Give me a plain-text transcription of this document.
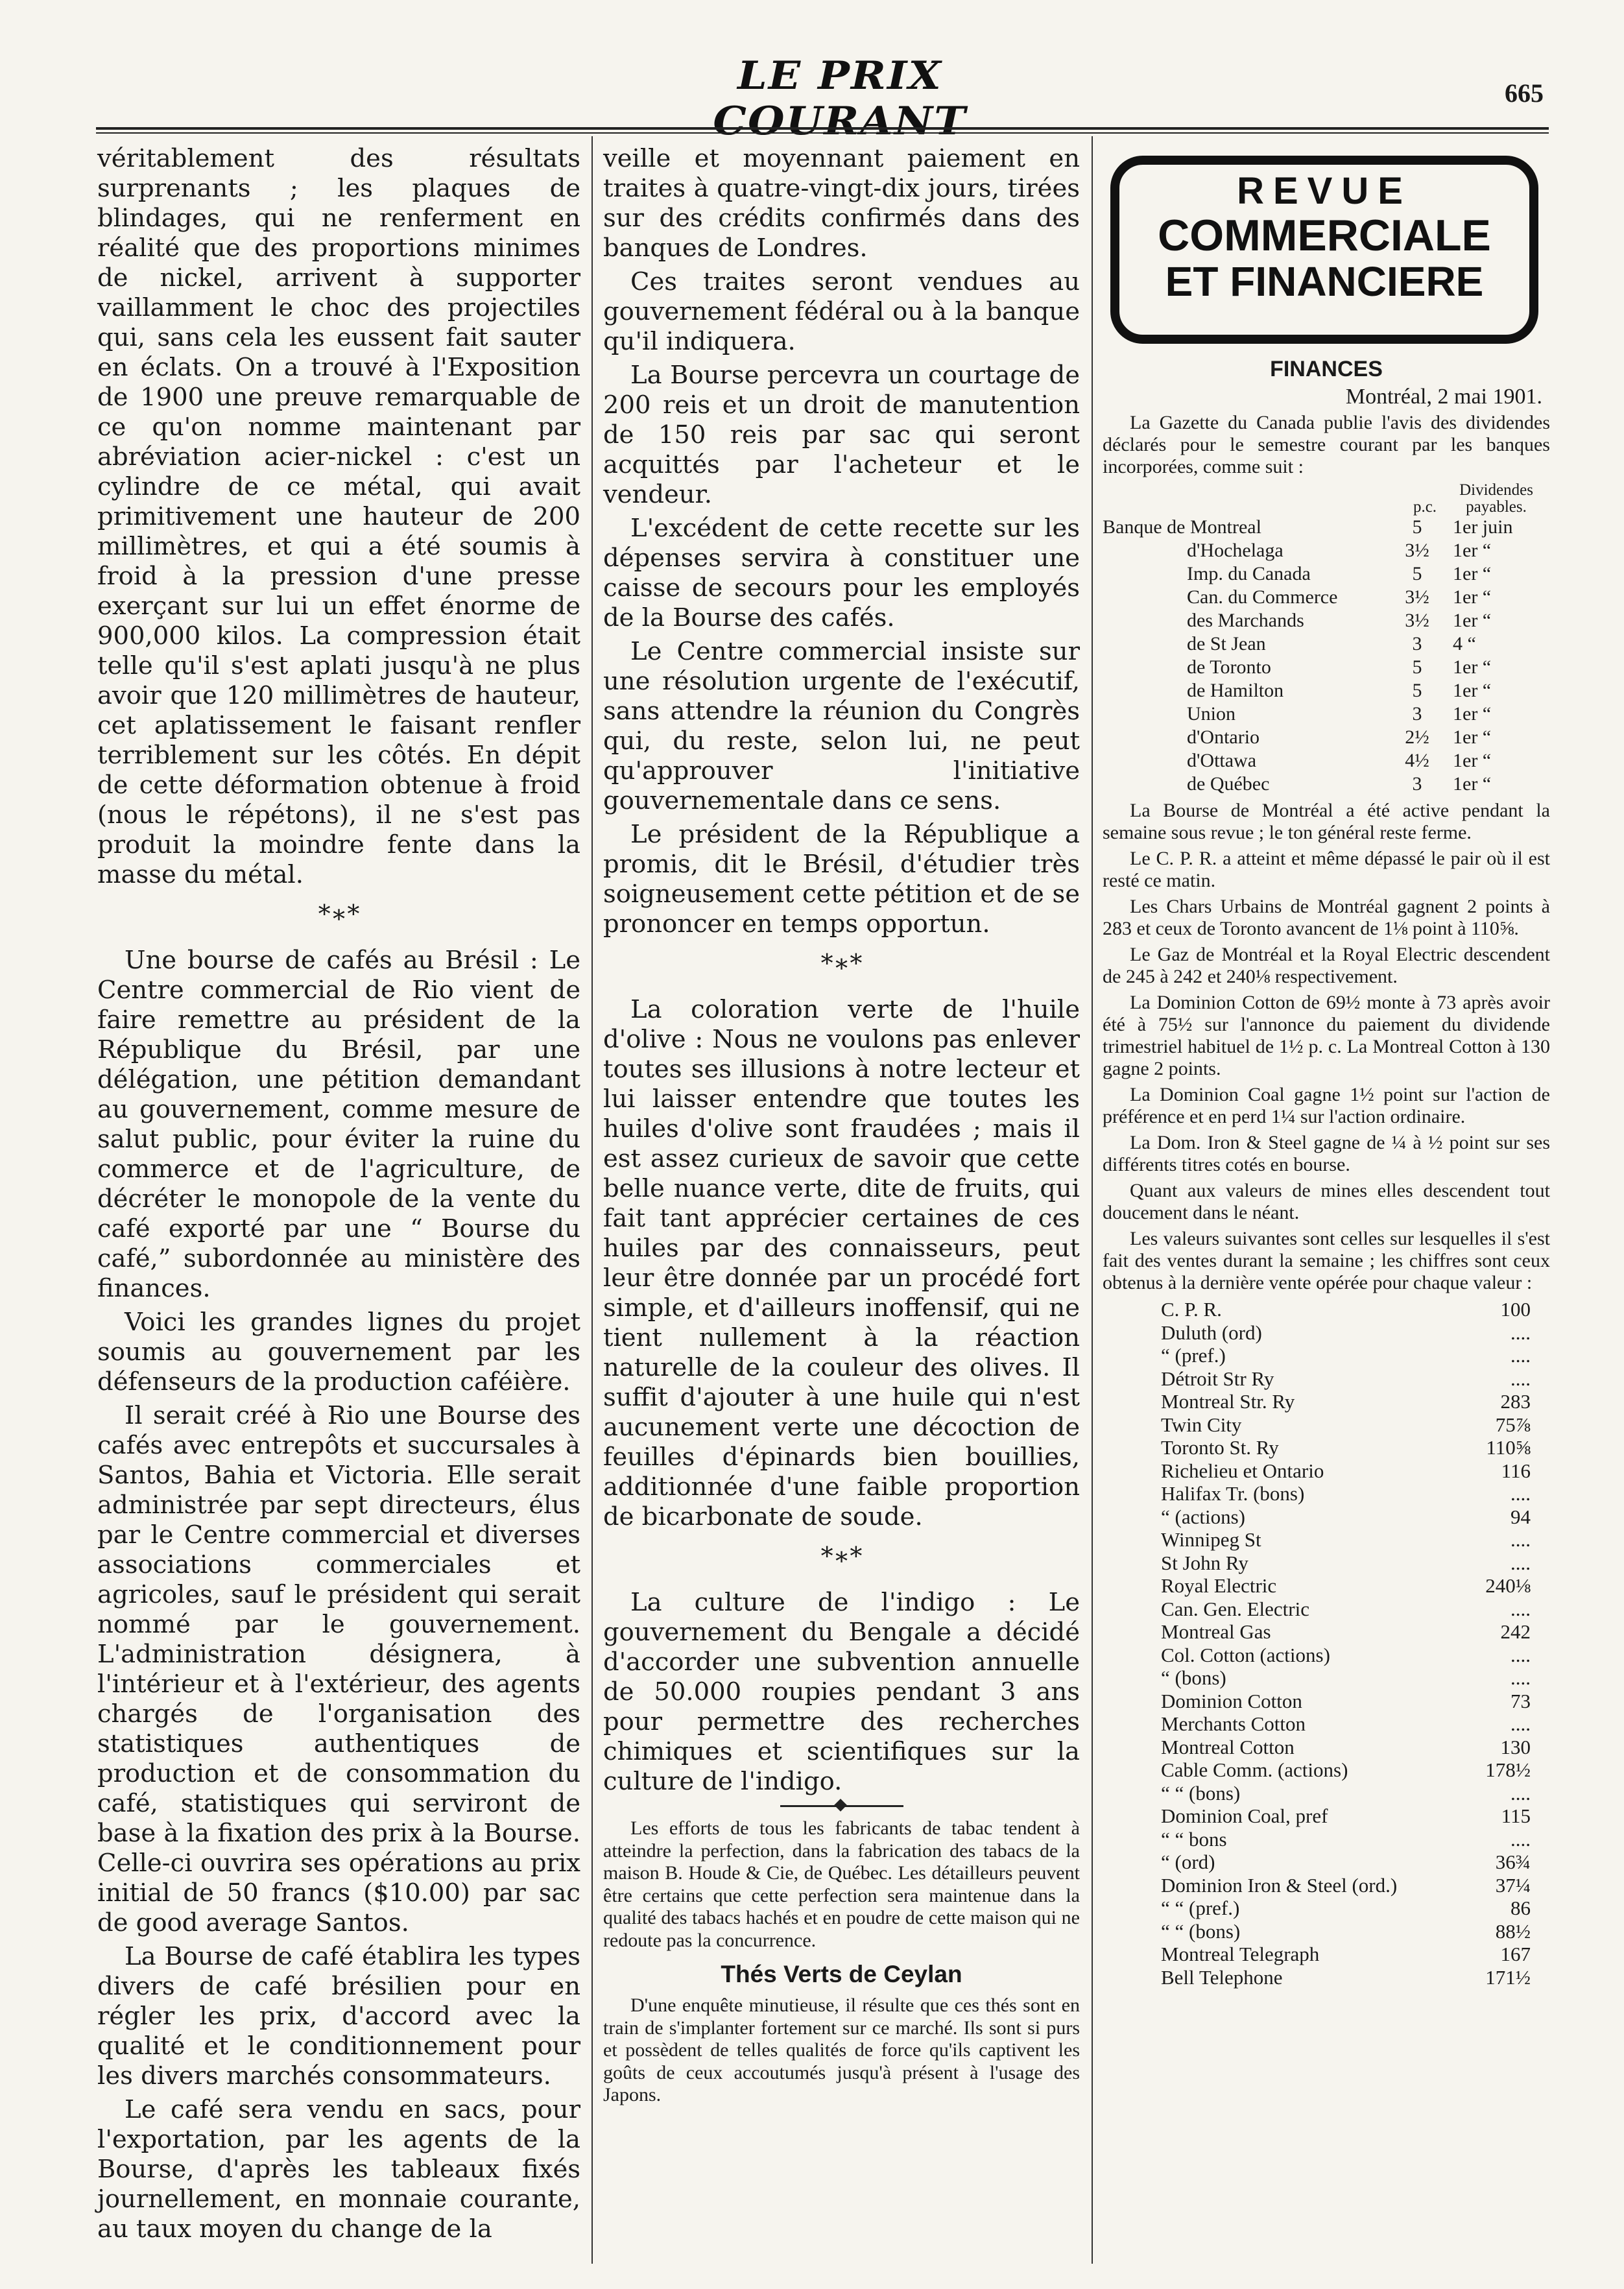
LE PRIX COURANT
665

véritablement des résultats surprenants ; les plaques de blindages, qui ne renferment en réalité que des proportions minimes de nickel, arrivent à supporter vaillamment le choc des projectiles qui, sans cela les eussent fait sauter en éclats. On a trouvé à l'Exposition de 1900 une preuve remarquable de ce qu'on nomme maintenant par abréviation acier-nickel : c'est un cylindre de ce métal, qui avait primitivement une hauteur de 200 millimètres, et qui a été soumis à froid à la pression d'une presse exerçant sur lui un effet énorme de 900,000 kilos. La compression était telle qu'il s'est aplati jusqu'à ne plus avoir que 120 millimètres de hauteur, cet aplatissement le faisant renfler terriblement sur les côtés. En dépit de cette déformation obtenue à froid (nous le répétons), il ne s'est pas produit la moindre fente dans la masse du métal.

*∗*

Une bourse de cafés au Brésil : Le Centre commercial de Rio vient de faire remettre au président de la République du Brésil, par une délégation, une pétition demandant au gouvernement, comme mesure de salut public, pour éviter la ruine du commerce et de l'agriculture, de décréter le monopole de la vente du café exporté par une “ Bourse du café,” subordonnée au ministère des finances.

Voici les grandes lignes du projet soumis au gouvernement par les défenseurs de la production caféière.

Il serait créé à Rio une Bourse des cafés avec entrepôts et succursales à Santos, Bahia et Victoria. Elle serait administrée par sept directeurs, élus par le Centre commercial et diverses associations commerciales et agricoles, sauf le président qui serait nommé par le gouvernement. L'administration désignera, à l'intérieur et à l'extérieur, des agents chargés de l'organisation des statistiques authentiques de production et de consommation du café, statistiques qui serviront de base à la fixation des prix à la Bourse. Celle-ci ouvrira ses opérations au prix initial de 50 francs ($10.00) par sac de good average Santos.

La Bourse de café établira les types divers de café brésilien pour en régler les prix, d'accord avec la qualité et le conditionnement pour les divers marchés consommateurs.

Le café sera vendu en sacs, pour l'exportation, par les agents de la Bourse, d'après les tableaux fixés journellement, en monnaie courante, au taux moyen du change de la

veille et moyennant paiement en traites à quatre-vingt-dix jours, tirées sur des crédits confirmés dans des banques de Londres.

Ces traites seront vendues au gouvernement fédéral ou à la banque qu'il indiquera.

La Bourse percevra un courtage de 200 reis et un droit de manutention de 150 reis par sac qui seront acquittés par l'acheteur et le vendeur.

L'excédent de cette recette sur les dépenses servira à constituer une caisse de secours pour les employés de la Bourse des cafés.

Le Centre commercial insiste sur une résolution urgente de l'exécutif, sans attendre la réunion du Congrès qui, du reste, selon lui, ne peut qu'approuver l'initiative gouvernementale dans ce sens.

Le président de la République a promis, dit le Brésil, d'étudier très soigneusement cette pétition et de se prononcer en temps opportun.

*∗*

La coloration verte de l'huile d'olive : Nous ne voulons pas enlever toutes ses illusions à notre lecteur et lui laisser entendre que toutes les huiles d'olive sont fraudées ; mais il est assez curieux de savoir que cette belle nuance verte, dite de fruits, qui fait tant apprécier certaines de ces huiles par des connaisseurs, peut leur être donnée par un procédé fort simple, et d'ailleurs inoffensif, qui ne tient nullement à la réaction naturelle de la couleur des olives. Il suffit d'ajouter à une huile qui n'est aucunement verte une décoction de feuilles d'épinards bien bouillies, additionnée d'une faible proportion de bicarbonate de soude.

*∗*

La culture de l'indigo : Le gouvernement du Bengale a décidé d'accorder une subvention annuelle de 50.000 roupies pendant 3 ans pour permettre des recherches chimiques et scientifiques sur la culture de l'indigo.

Les efforts de tous les fabricants de tabac tendent à atteindre la perfection, dans la fabrication des tabacs de la maison B. Houde & Cie, de Québec. Les détailleurs peuvent être certains que cette perfection sera maintenue dans la qualité des tabacs hachés et en poudre de cette maison qui ne redoute pas la concurrence.

Thés Verts de Ceylan

D'une enquête minutieuse, il résulte que ces thés sont en train de s'implanter fortement sur ce marché. Ils sont si purs et possèdent de telles qualités de force qu'ils captivent les goûts de ceux accoutumés jusqu'à présent à l'usage des Japons.

REVUE
COMMERCIALE
ET FINANCIERE
FINANCES
Montréal, 2 mai 1901.

La Gazette du Canada publie l'avis des dividendes déclarés pour le semestre courant par les banques incorporées, comme suit :

p.c.
Dividendes payables.
Banque de Montreal	5	1er juin
d'Hochelaga	3½	1er “
Imp. du Canada	5	1er “
Can. du Commerce	3½	1er “
des Marchands	3½	1er “
de St Jean	3	4 “
de Toronto	5	1er “
de Hamilton	5	1er “
Union	3	1er “
d'Ontario	2½	1er “
d'Ottawa	4½	1er “
de Québec	3	1er “

La Bourse de Montréal a été active pendant la semaine sous revue ; le ton général reste ferme.

Le C. P. R. a atteint et même dépassé le pair où il est resté ce matin.

Les Chars Urbains de Montréal gagnent 2 points à 283 et ceux de Toronto avancent de 1⅛ point à 110⅝.

Le Gaz de Montréal et la Royal Electric descendent de 245 à 242 et 240⅛ respectivement.

La Dominion Cotton de 69½ monte à 73 après avoir été à 75½ sur l'annonce du paiement du dividende trimestriel habituel de 1½ p. c. La Montreal Cotton à 130 gagne 2 points.

La Dominion Coal gagne 1½ point sur l'action de préférence et en perd 1¼ sur l'action ordinaire.

La Dom. Iron & Steel gagne de ¼ à ½ point sur ses différents titres cotés en bourse.

Quant aux valeurs de mines elles descendent tout doucement dans le néant.

Les valeurs suivantes sont celles sur lesquelles il s'est fait des ventes durant la semaine ; les chiffres sont ceux obtenus à la dernière vente opérée pour chaque valeur :

C. P. R.	100
Duluth (ord)	....
“ (pref.)	....
Détroit Str Ry	....
Montreal Str. Ry	283
Twin City	75⅞
Toronto St. Ry	110⅝
Richelieu et Ontario	116
Halifax Tr. (bons)	....
“ (actions)	94
Winnipeg St	....
St John Ry	....
Royal Electric	240⅛
Can. Gen. Electric	....
Montreal Gas	242
Col. Cotton (actions)	....
“ (bons)	....
Dominion Cotton	73
Merchants Cotton	....
Montreal Cotton	130
Cable Comm. (actions)	178½
“ “ (bons)	....
Dominion Coal, pref	115
“ “ bons	....
“ (ord)	36¾
Dominion Iron & Steel (ord.)	37¼
“ “ (pref.)	86
“ “ (bons)	88½
Montreal Telegraph	167
Bell Telephone	171½
